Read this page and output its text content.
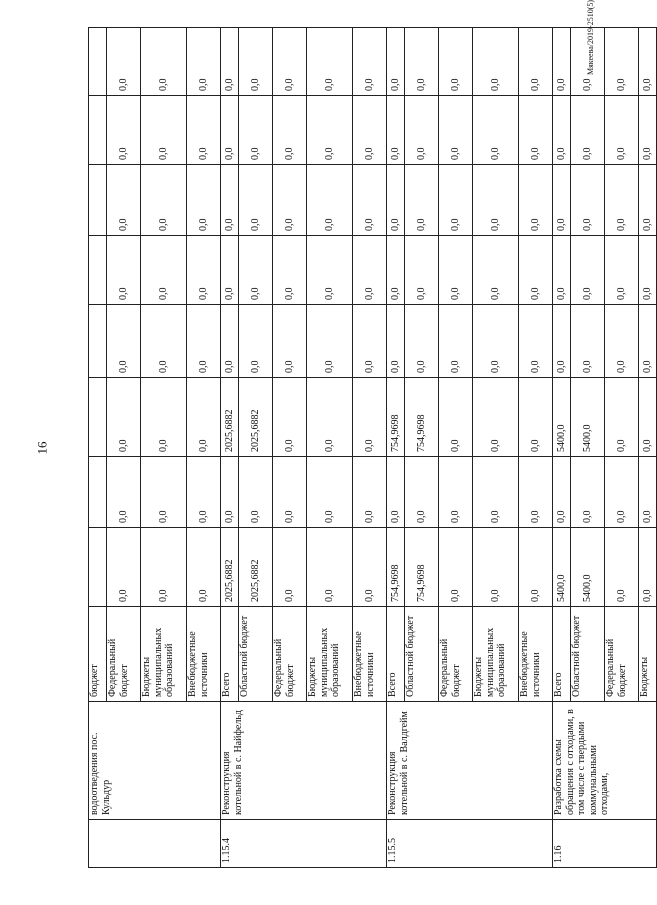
16
Мякеева/2019-2510(5)
	водоотведения пос. Кульдур	бюджет								
		Федеральный бюджет	0,0	0,0	0,0	0,0	0,0	0,0	0,0	0,0
		Бюджеты муниципальных образований	0,0	0,0	0,0	0,0	0,0	0,0	0,0	0,0
		Внебюджетные источники	0,0	0,0	0,0	0,0	0,0	0,0	0,0	0,0
1.15.4	Реконструкция котельной в с. Найфельд	Всего	2025,6882	0,0	2025,6882	0,0	0,0	0,0	0,0	0,0
		Областной бюджет	2025,6882	0,0	2025,6882	0,0	0,0	0,0	0,0	0,0
		Федеральный бюджет	0,0	0,0	0,0	0,0	0,0	0,0	0,0	0,0
		Бюджеты муниципальных образований	0,0	0,0	0,0	0,0	0,0	0,0	0,0	0,0
		Внебюджетные источники	0,0	0,0	0,0	0,0	0,0	0,0	0,0	0,0
1.15.5	Реконструкция котельной в с. Валдгейм	Всего	754,9698	0,0	754,9698	0,0	0,0	0,0	0,0	0,0
		Областной бюджет	754,9698	0,0	754,9698	0,0	0,0	0,0	0,0	0,0
		Федеральный бюджет	0,0	0,0	0,0	0,0	0,0	0,0	0,0	0,0
		Бюджеты муниципальных образований	0,0	0,0	0,0	0,0	0,0	0,0	0,0	0,0
		Внебюджетные источники	0,0	0,0	0,0	0,0	0,0	0,0	0,0	0,0
1.16	Разработка схемы обращения с отходами, в том числе с твердыми коммунальными отходами,	Всего	5400,0	0,0	5400,0	0,0	0,0	0,0	0,0	0,0
		Областной бюджет	5400,0	0,0	5400,0	0,0	0,0	0,0	0,0	0,0
		Федеральный бюджет	0,0	0,0	0,0	0,0	0,0	0,0	0,0	0,0
		Бюджеты	0,0	0,0	0,0	0,0	0,0	0,0	0,0	0,0
